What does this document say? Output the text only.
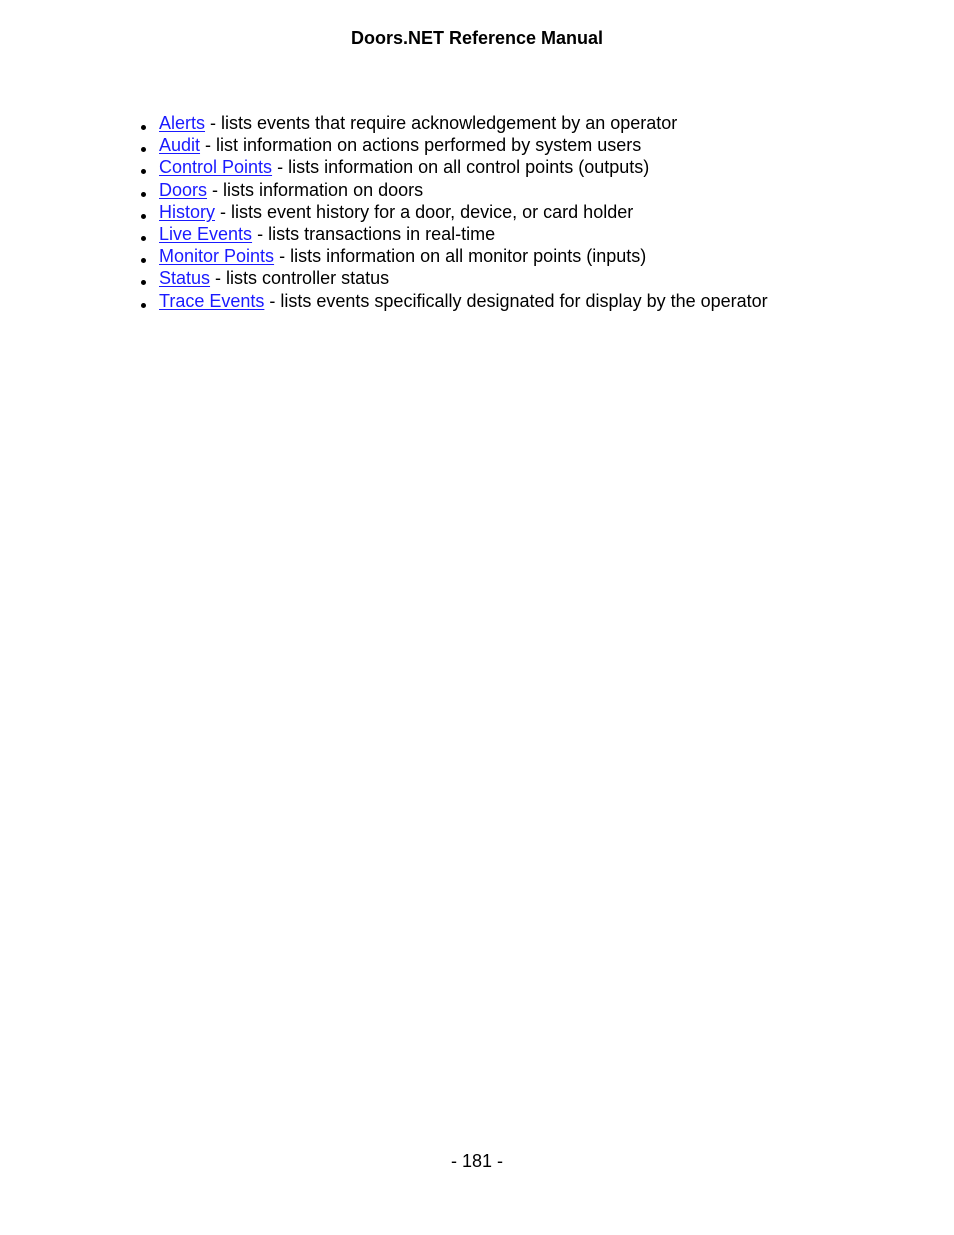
Doors.NET Reference Manual
Alerts - lists events that require acknowledgement by an operator
Audit - list information on actions performed by system users
Control Points - lists information on all control points (outputs)
Doors - lists information on doors
History - lists event history for a door, device, or card holder
Live Events - lists transactions in real-time
Monitor Points - lists information on all monitor points (inputs)
Status - lists controller status
Trace Events - lists events specifically designated for display by the operator
- 181 -
